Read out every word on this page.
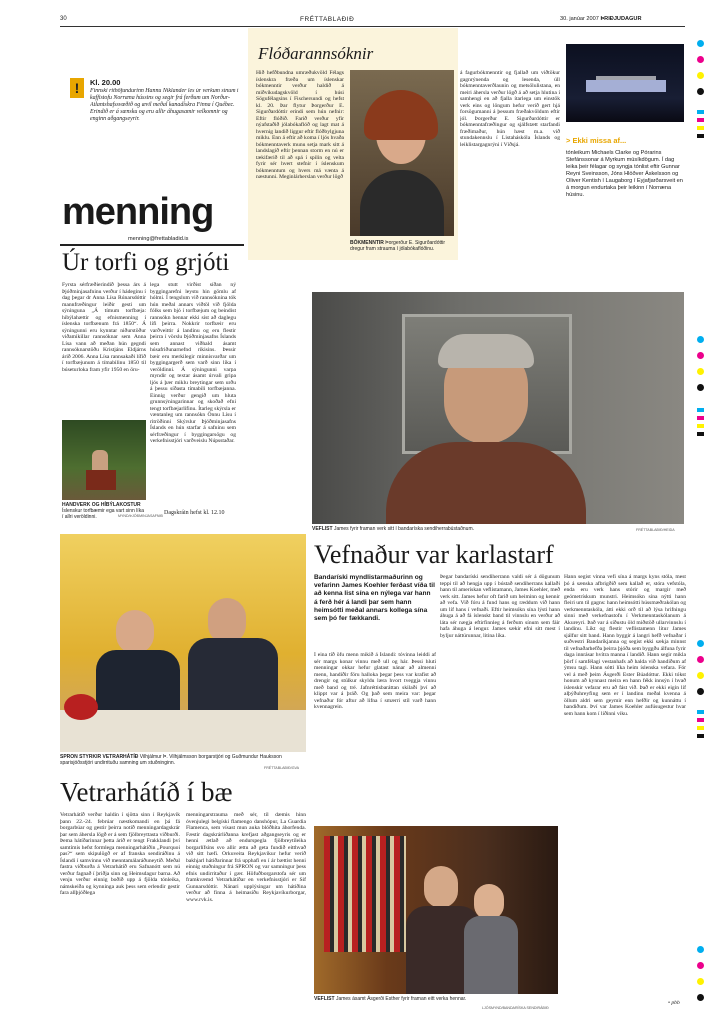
30	FRÉTTABLAÐIÐ	30. janúar 2007 ÞRIÐJUDAGUR
!	Kl. 20.00
Finnski rithöfundurinn Hannu Niklander les úr verkum sínum í kaffistofu Norræna hússins og segir frá ferðum um Norður-Atlantshafssvæðið og ævil meðal kanadískra Finna í Québec. Erindið er á sænsku og eru allir áhugasamir velkomnir og enginn aðgangseyrir.
Flóðarannsóknir
Hið hefðbundna umræðukvöld Félags íslenskra fræða um íslenskar bókmenntir verður haldið á miðvikudagskvöld í húsi Sögufélagsins í Fischersundi og hefst kl. 20. Þar flytur Þorgerður E. Sigurðardóttir erindi sem hún nefnir: Eftir flóðið. Farið verður yfir nýafstaðið jólabókaflóð og lagt mat á hvernig landið liggur eftir flóðbylgjuna miklu. Enn á eftir að koma í ljós hvaða bókmenntaverk munu setja mark sitt á landslagið eftir þennan storm en nú er tækifærið til að spá í spilin og velta fyrir sér hvert stefnir í íslenskum bókmenntum og hvers má vænta á næstunni. Meginlárherslan verður lögð
BÓKMENNTIR Þorgerður E. Sigurðardóttir dregur fram strauma í jólabókaflóðinu.
á fagurbókmenntir og fjallað um viðtökur gagnrýnenda og lesenda, úll bókmenntaverðlaunin og metsölulistana, en meiri áhersla verður lögð á að setja hlutina í samhengi en að fjalla ítarlega um einstök verk eins og löngum hefur verið gert hjá forsögumanni á þessum fræðakvöldum eftir jól. Þorgerður E. Sigurðardóttir er bókmenntafræðingur og sjálfstætt starfandi fræðimaður, hún hæst m.a. við stundakennslu í Listaháskóla Íslands og leiklistargagnrýni í Víðsjá.	> Ekki missa af...
tónleikum Michaels Clarke og Pórarins Stefánssonar á Myrkum músíkdögum. Í dag leika þeir félagar og syngja tónlist eftir Gunnar Reyni Sveinsson, Jóns Hlöðver Áskelsson og Oliver Kentish í Laugaborg í Eyjafjarðarsveit en á morgun endurtaka þeir leikinn í Norræna húsinu.
menning
menning@frettabladid.is
Úr torfi og grjóti
Fyrsta sérfræðierindið þessa árs á Þjóðminjasafninu verður í hádeginu í dag þegar dr Anna Lísa Rúnarsdóttir mannfræðingur leiðir gesti um sýninguna „Á tímum torfbæja: híbýlahættir og efnismenning í íslenska torfbænum frá 1850“. Á sýningunni eru kynntar niðurstöður viðamikillar rannsóknar sem Anna Lísa vann að meðan hún gegndi rannsóknarstöðu Kristjáns Eldjárns árið 2006. Anna Lísa rannsakaði lífið í torfbæjunum á tímabilinu 1850 til búseturloka fram yfir 1950 en öru-
lega stutt virðist síðan ný byggingarefni leystu hin gömlu af hólmi. Í tengslum við rannsóknina tók hún meðal annars viðtöl við fjölda fólks sem bjó í torfbæjum og beindist rannsókn hennar ekki síst að daglegu lífi þeirra. Nokkrir torfbæir eru varðveittir á landinu og eru flestir þeirra í vörslu Þjóðminjasafns Íslands sem annast viðhald ásamt húsafriðunarnefnd ríkisins. Þessir bæir eru merkilegir minnisvarðar um byggingargerð sem varð sinn líka í veröldinni. Á sýningunni varpa myndir og textar ásamt úrvali gripa ljós á þær miklu breytingar sem urðu á þessu síðasta tímabili torfbæjanna. Einnig verður gengið um hluta grunnsýningarinnar og skoðað efni tengt torfbæjarlífinu. Ítarleg skýrsla er væntanleg um rannsókn Önnu Lísu í ritröðinni Skýrslur Þjóðminjasafns Íslands en hún starfar á safninu sem sérfræðingur í byggingarsögu og verkefnisstjóri varðveislu Núpsstaðar.
HANDVERK OG HÍBÝLAKOSTUR Íslenskur torfbæmir ega vart sinn líka í allri veröldinni.	MYND/ÞJÓÐMINJASAFNIÐ Dagskráin hefst kl. 12.10
VEFLIST James fyrir framan verk sitt í bandaríska sendiherrabústaðnum.	FRÉTTABLAÐIÐ/HEIDA
SPRON STYRKIR VETRARHÁTÍÐ Vilhjálmur Þ. Vilhjálmsson borgarstjóri og Guðmundur Hauksson sparisjóðsstjóri undirrituðu samning um stuðninginn.
FRÉTTABLAÐIÐ/GVA
Vefnaður var karlastarf
Bandaríski myndlistarmaðurinn og vefarinn James Koehler ferðast víða til að kenna list sína en nýlega var hann á ferð hér á landi þar sem hann heimsótti meðal annars kollega sína sem þó fer fækkandi.
Í eina tíð öfu menn mikið á Íslandi: tóvinna leiddi af sér margs konar vinnu með ull og hár. Þessi hluti menningar okkar hefur glatast nánar að almenni menn, handiðir föru hallokа þegar þess var krafist að drengir og stúlkur skyldu læra hvort tveggja vinnu með band og tré. Jafnréttisbaráttan skilaði því að klippt var á þráð. Og það sem meira var: þegar vefnaður fór aftur að lifna í smærri stíl varð hann kvennagrein.
Þegar bandaríski sendiherrann valdi sér á dögunum teppi til að hengja upp í bústað sendiherrans kallaði hann til amerískan veflistamann, James Koehler, með verk sitt. James hefur oft farið um heiminn og kennir að vefa. Við fóru á fund hans og ræddum við hann um líf hans í vefnaði. Eftir heimsókn sína lýsti hann áhuga á að fá íslenskt band til vinnslu en verður að láta sér nægja eftirfinnleg á ferðum sínum sem fáir hafa áhuga á lengur. James sækir efni sitt mest í byljur náttúrunnar, litina líka.
Hann segist vinna vefi sína á margs kyns stóla, mest þó á sænska afbrigðið sem kallað er, stóra vefstóla, enda eru verk hans stórir og margir með geómetrískum munstri. Heimsókn sína nýtti hann fleiri um til gagns: hann heimsótti hússmæðrakólan og verkmenntaskóla, átti ekki orð til að lýsa hrifningu sinni með verkefnastofu í Verkmenntaskólanum á Akureyri. Það var á síðustu öld miðstöð ullarvinnslu í landinu. Líkt og flestir veflistamenn lítur James sjálfur sitt band. Hann byggir á langri hefð vefnaðar í suðvestri Bandaríkjanna og segist ekki sækja minnst til vefnaðarhefðа þeirra þjóða sem byggðu álfuna fyrir daga innrásar hvítra manna í landið. Hann segir mikla þörf í samfélagi vestanhafs að halda við handiðum af ýmsu tagi. Hann sótti líka heim íslenska vefara. Fór vel á með þeim Ásgerði Ester Búadóttur. Ekki tókst honum að kynnast meira en hann fékk innsýn í hvað íslenskir vefarar eru að fást við. Það er ekki eigin líf alþýðuhreyfing sem er í landinu meðal kvenna á öllum aldri sem geymir enn hefðir og kunnáttu í handiðum. Því var James Koehler aufúsugestur hvar sem hann kom í liðinni viku.
• pbb
VEFLIST James ásamt Ásgerði Esther fyrir framan eitt verka hennar.
LJÓSMYND/BANDARÍSKA SENDIRÁÐIÐ
Vetrarhátíð í bæ
Vetrarhátíð verður haldin í sjötta sinn í Reykjavík þann 22.-24. febrúar næstkomandi en þá fá borgarbúar og gestir þeirra notið menningardagskrár þar sem áhersla lögð er á sem fjölbreyttasta viðburði. Þema hátíðarinnar þetta árið er tengt Frakklandi því samtímis hefst formlega menningarhátíðin „Pourquoi pas?“ sem skipulögð er af franska sendiráðinu á Íslandi í samvinnu við menntamálaráðuneytið. Meðal fastra viðburða á Vetrarhátíð eru Safnanótt sem nú verður fagnað í þriðja sinn og Heimsdagur barna. Að venju verður einnig boðið upp á fjölda tónleika, námskeiða og kynninga auk þess sem erlendir gestir fara allþjóðlega
menningarstrauma með sér, til dæmis hinn óvenjulegi belgíski flamengo danshópur, La Guardia Flamenca, sem vísast mun auka blóðhita áhorfenda. Fæstir dagskrárliðanna krefjast aðgangseyris og er henni ætlað að endurspegla fjölbreytileika borgarlífsins svo allir ættu að geta fundið eitthvað við sitt hæfi. Orkuveita Reykjavíkur hefur verið bakhjarl hátíðarinnar frá upphafi en í ár bættist henni einnig stuðningur frá SPRON og var samningur þess efnis undirritaður í gær. Höfuðborgarstofa sér um framkvæmd Vetrarhátíðar en verkefnisstjóri er Sif Gunnarsdóttir. Nánari upplýsingar um hátíðina verður að finna á heimasíðu Reykjavíkurborgar, www.rvk.is.
